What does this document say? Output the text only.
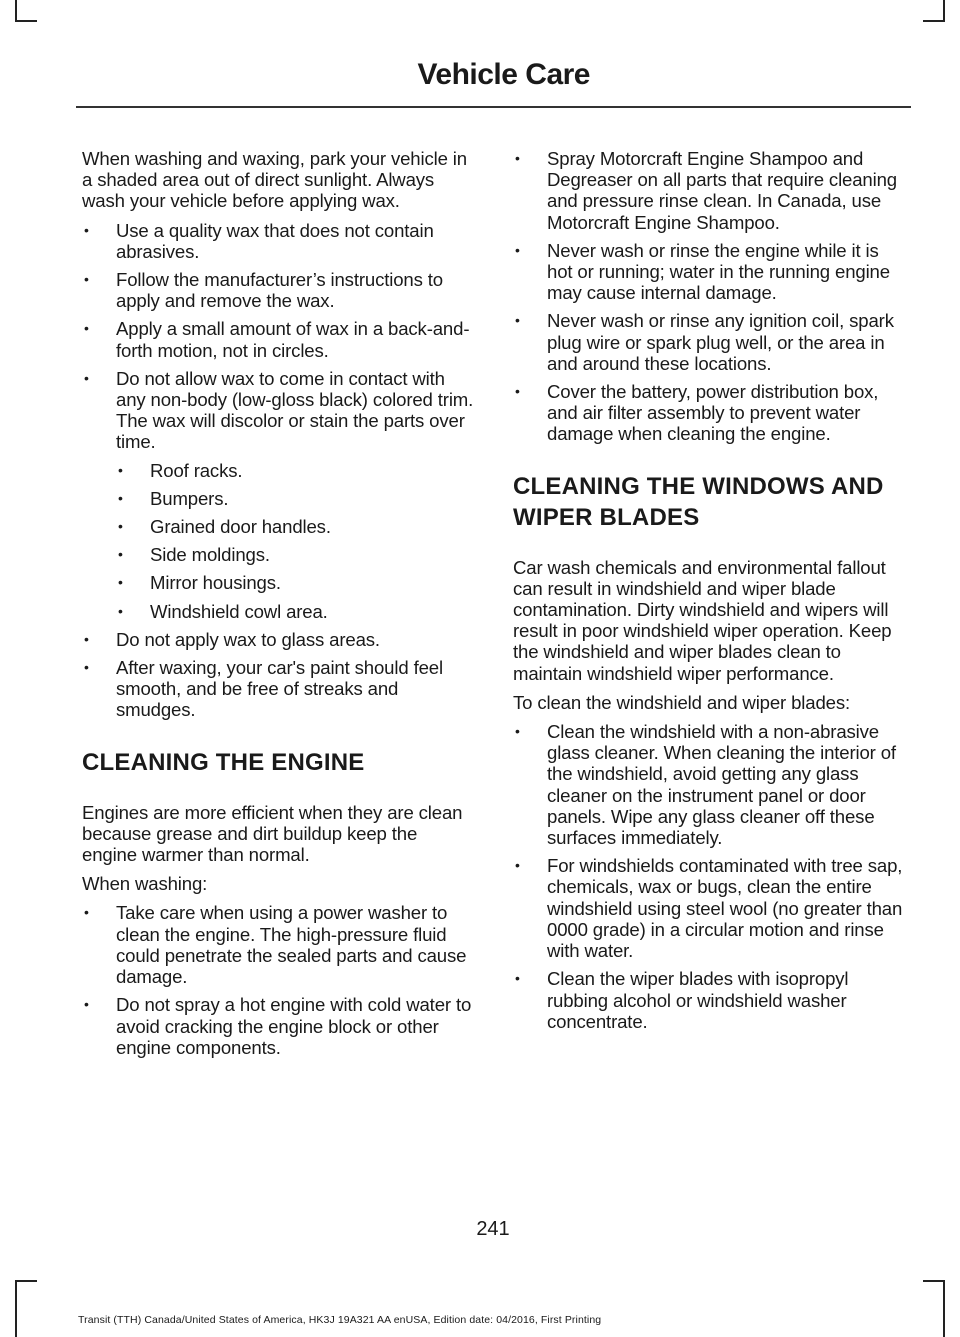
Vehicle Care

When washing and waxing, park your vehicle in a shaded area out of direct sunlight. Always wash your vehicle before applying wax.

• Use a quality wax that does not contain abrasives.
• Follow the manufacturer’s instructions to apply and remove the wax.
• Apply a small amount of wax in a back-and-forth motion, not in circles.
• Do not allow wax to come in contact with any non-body (low-gloss black) colored trim. The wax will discolor or stain the parts over time.
• Roof racks.
• Bumpers.
• Grained door handles.
• Side moldings.
• Mirror housings.
• Windshield cowl area.
• Do not apply wax to glass areas.
• After waxing, your car's paint should feel smooth, and be free of streaks and smudges.
CLEANING THE ENGINE

Engines are more efficient when they are clean because grease and dirt buildup keep the engine warmer than normal.

When washing:

• Take care when using a power washer to clean the engine. The high-pressure fluid could penetrate the sealed parts and cause damage.
• Do not spray a hot engine with cold water to avoid cracking the engine block or other engine components.
• Spray Motorcraft Engine Shampoo and Degreaser on all parts that require cleaning and pressure rinse clean. In Canada, use Motorcraft Engine Shampoo.
• Never wash or rinse the engine while it is hot or running; water in the running engine may cause internal damage.
• Never wash or rinse any ignition coil, spark plug wire or spark plug well, or the area in and around these locations.
• Cover the battery, power distribution box, and air filter assembly to prevent water damage when cleaning the engine.
CLEANING THE WINDOWS AND
WIPER BLADES

Car wash chemicals and environmental fallout can result in windshield and wiper blade contamination. Dirty windshield and wipers will result in poor windshield wiper operation. Keep the windshield and wiper blades clean to maintain windshield wiper performance.

To clean the windshield and wiper blades:

• Clean the windshield with a non-abrasive glass cleaner. When cleaning the interior of the windshield, avoid getting any glass cleaner on the instrument panel or door panels. Wipe any glass cleaner off these surfaces immediately.
• For windshields contaminated with tree sap, chemicals, wax or bugs, clean the entire windshield using steel wool (no greater than 0000 grade) in a circular motion and rinse with water.
• Clean the wiper blades with isopropyl rubbing alcohol or windshield washer concentrate.
241
Transit (TTH) Canada/United States of America, HK3J 19A321 AA enUSA, Edition date: 04/2016, First Printing
